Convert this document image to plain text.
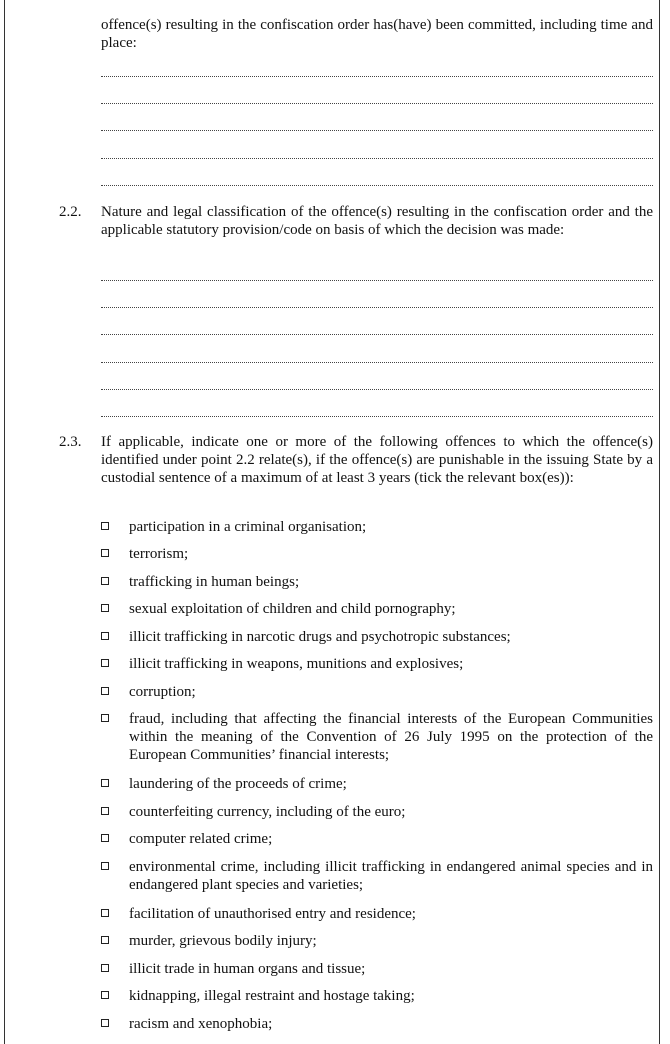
offence(s) resulting in the confiscation order has(have) been committed, including time and place:
2.2. Nature and legal classification of the offence(s) resulting in the confiscation order and the applicable statutory provision/code on basis of which the decision was made:
2.3. If applicable, indicate one or more of the following offences to which the offence(s) identified under point 2.2 relate(s), if the offence(s) are punishable in the issuing State by a custodial sentence of a maximum of at least 3 years (tick the relevant box(es)):
participation in a criminal organisation;
terrorism;
trafficking in human beings;
sexual exploitation of children and child pornography;
illicit trafficking in narcotic drugs and psychotropic substances;
illicit trafficking in weapons, munitions and explosives;
corruption;
fraud, including that affecting the financial interests of the European Communities within the meaning of the Convention of 26 July 1995 on the protection of the European Communities’ financial interests;
laundering of the proceeds of crime;
counterfeiting currency, including of the euro;
computer related crime;
environmental crime, including illicit trafficking in endangered animal species and in endangered plant species and varieties;
facilitation of unauthorised entry and residence;
murder, grievous bodily injury;
illicit trade in human organs and tissue;
kidnapping, illegal restraint and hostage taking;
racism and xenophobia;
